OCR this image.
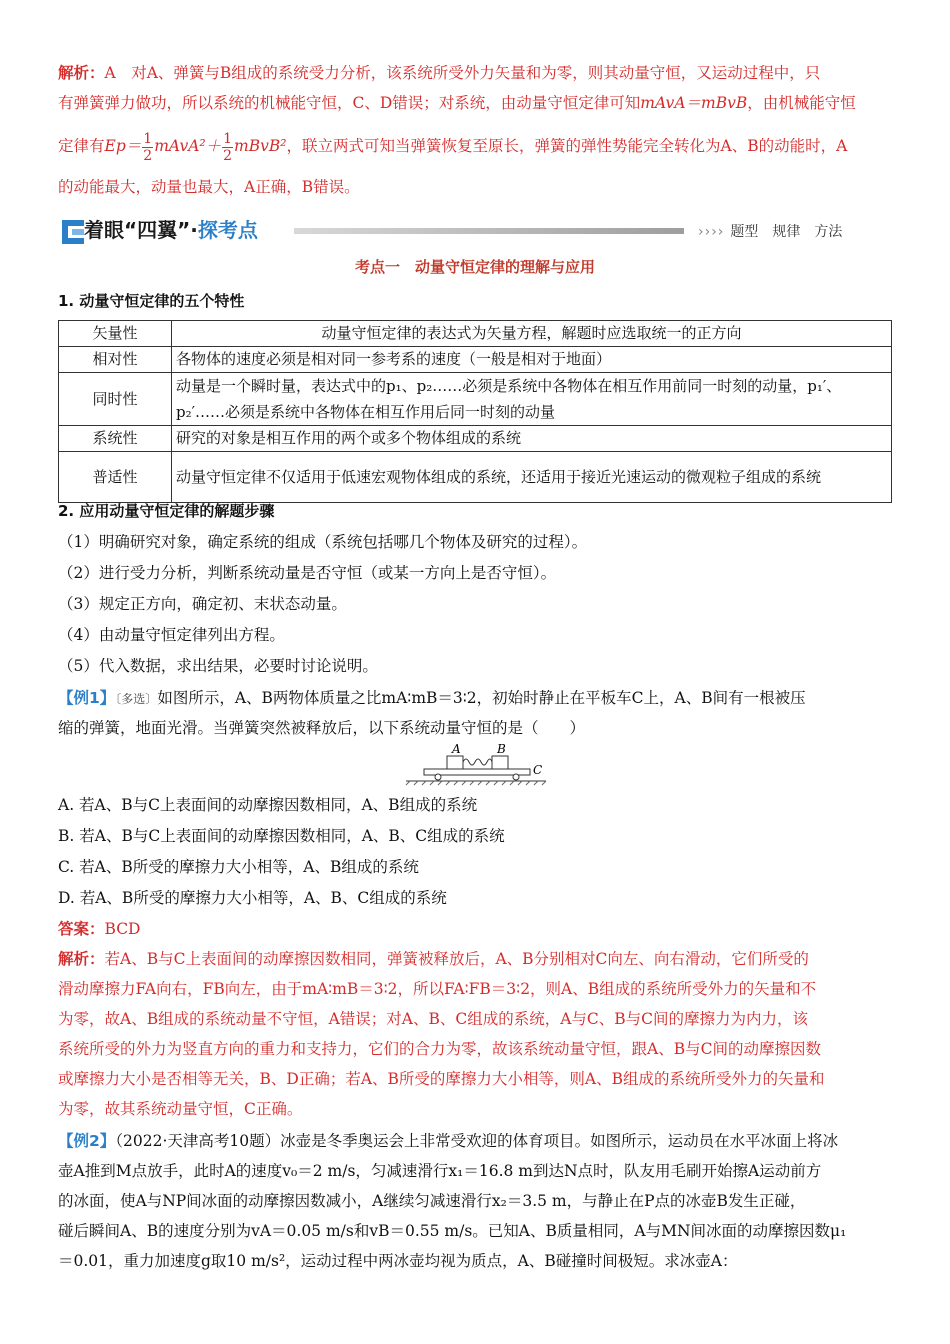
解析：A　对A、弹簧与B组成的系统受力分析，该系统所受外力矢量和为零，则其动量守恒，又运动过程中，只
有弹簧弹力做功，所以系统的机械能守恒，C、D错误；对系统，由动量守恒定律可知mAvA＝mBvB，由机械能守恒
定律有$Ep= \frac{1}{2}$ mAvA²＋ $\frac{1}{2}$ mBvB²，联立两式可知当弹簧恢复至原长，弹簧的弹性势能完全转化为A、B的动能时，A
的动能最大，动量也最大，A正确，B错误。
着眼“四翼”·探考点	›››› 题型 规律 方法
考点一　动量守恒定律的理解与应用
1. 动量守恒定律的五个特性
矢量性	动量守恒定律的表达式为矢量方程，解题时应选取统一的正方向
相对性	各物体的速度必须是相对同一参考系的速度（一般是相对于地面）
同时性	动量是一个瞬时量，表达式中的p₁、p₂……必须是系统中各物体在相互作用前同一时刻的动量，p₁′、p₂′……必须是系统中各物体在相互作用后同一时刻的动量
系统性	研究的对象是相互作用的两个或多个物体组成的系统
普适性	动量守恒定律不仅适用于低速宏观物体组成的系统，还适用于接近光速运动的微观粒子组成的系统
2. 应用动量守恒定律的解题步骤
（1）明确研究对象，确定系统的组成（系统包括哪几个物体及研究的过程）。
（2）进行受力分析，判断系统动量是否守恒（或某一方向上是否守恒）。
（3）规定正方向，确定初、末状态动量。
（4）由动量守恒定律列出方程。
（5）代入数据，求出结果，必要时讨论说明。
【例1】〔多选〕如图所示，A、B两物体质量之比mA∶mB＝3∶2，初始时静止在平板车C上，A、B间有一根被压
缩的弹簧，地面光滑。当弹簧突然被释放后，以下系统动量守恒的是（　　）
A	B
C
A. 若A、B与C上表面间的动摩擦因数相同，A、B组成的系统
B. 若A、B与C上表面间的动摩擦因数相同，A、B、C组成的系统
C. 若A、B所受的摩擦力大小相等，A、B组成的系统
D. 若A、B所受的摩擦力大小相等，A、B、C组成的系统
答案：BCD
解析：若A、B与C上表面间的动摩擦因数相同，弹簧被释放后，A、B分别相对C向左、向右滑动，它们所受的
滑动摩擦力FA向右，FB向左，由于mA∶mB＝3∶2，所以FA∶FB＝3∶2，则A、B组成的系统所受外力的矢量和不
为零，故A、B组成的系统动量不守恒，A错误；对A、B、C组成的系统，A与C、B与C间的摩擦力为内力，该
系统所受的外力为竖直方向的重力和支持力，它们的合力为零，故该系统动量守恒，跟A、B与C间的动摩擦因数
或摩擦力大小是否相等无关，B、D正确；若A、B所受的摩擦力大小相等，则A、B组成的系统所受外力的矢量和
为零，故其系统动量守恒，C正确。
【例2】（2022·天津高考10题）冰壶是冬季奥运会上非常受欢迎的体育项目。如图所示，运动员在水平冰面上将冰
壶A推到M点放手，此时A的速度v₀＝2 m/s，匀减速滑行x₁＝16.8 m到达N点时，队友用毛刷开始擦A运动前方
的冰面，使A与NP间冰面的动摩擦因数减小，A继续匀减速滑行x₂＝3.5 m，与静止在P点的冰壶B发生正碰，
碰后瞬间A、B的速度分别为vA＝0.05 m/s和vB＝0.55 m/s。已知A、B质量相同，A与MN间冰面的动摩擦因数μ₁
＝0.01，重力加速度g取10 m/s²，运动过程中两冰壶均视为质点，A、B碰撞时间极短。求冰壶A：
